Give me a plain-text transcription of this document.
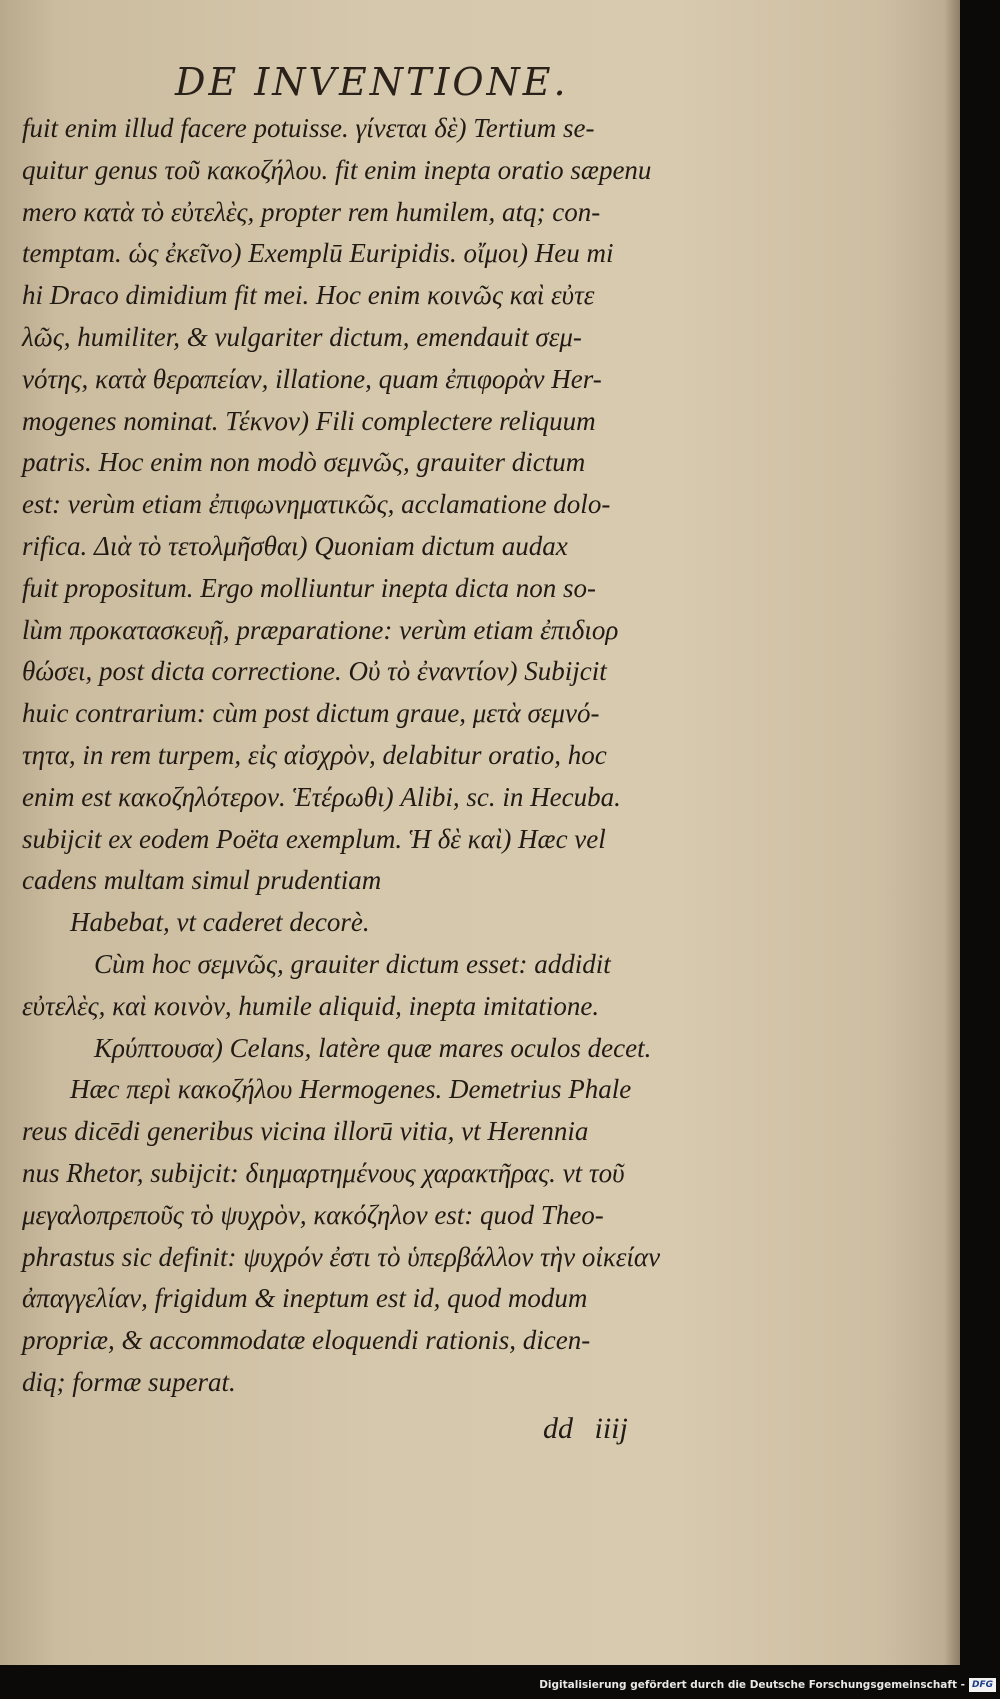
DE INVENTIONE.
fuit enim illud facere potuisse. γίνεται δὲ) Tertium se-
quitur genus τοῦ κακοζήλου. fit enim inepta oratio sæpenu
mero κατὰ τὸ εὐτελὲς, propter rem humilem, atq; con-
temptam. ὡς ἐκεῖνο) Exemplū Euripidis. οἴμοι) Heu mi
hi Draco dimidium fit mei. Hoc enim κοινῶς καὶ εὐτε
λῶς, humiliter, & vulgariter dictum, emendauit σεμ-
νότης, κατὰ θεραπείαν, illatione, quam ἐπιφορὰν Her-
mogenes nominat. Τέκνον) Fili complectere reliquum
patris. Hoc enim non modò σεμνῶς, grauiter dictum
est: verùm etiam ἐπιφωνηματικῶς, acclamatione dolo-
rifica. Διὰ τὸ τετολμῆσθαι) Quoniam dictum audax
fuit propositum. Ergo molliuntur inepta dicta non so-
lùm προκατασκευῇ, præparatione: verùm etiam ἐπιδιορ
θώσει, post dicta correctione. Οὐ τὸ ἐναντίον) Subijcit
huic contrarium: cùm post dictum graue, μετὰ σεμνό-
τητα, in rem turpem, εἰς αἰσχρὸν, delabitur oratio, hoc
enim est κακοζηλότερον. Ἑτέρωθι) Alibi, sc. in Hecuba.
subijcit ex eodem Poëta exemplum. Ἡ δὲ καὶ) Hæc vel
cadens multam simul prudentiam
Habebat, vt caderet decorè.
Cùm hoc σεμνῶς, grauiter dictum esset: addidit
εὐτελὲς, καὶ κοινὸν, humile aliquid, inepta imitatione.
Κρύπτουσα) Celans, latère quæ mares oculos decet.
Hæc περὶ κακοζήλου Hermogenes. Demetrius Phale
reus dicēdi generibus vicina illorū vitia, vt Herennia
nus Rhetor, subijcit: διημαρτημένους χαρακτῆρας. vt τοῦ
μεγαλοπρεποῦς τὸ ψυχρὸν, κακόζηλον est: quod Theo-
phrastus sic definit: ψυχρόν ἐστι τὸ ὑπερβάλλον τὴν οἰκείαν
ἀπαγγελίαν, frigidum & ineptum est id, quod modum
propriæ, & accommodatæ eloquendi rationis, dicen-
diq; formæ superat.

dd iiij

Digitalisierung gefördert durch die Deutsche Forschungsgemeinschaft - DFG
